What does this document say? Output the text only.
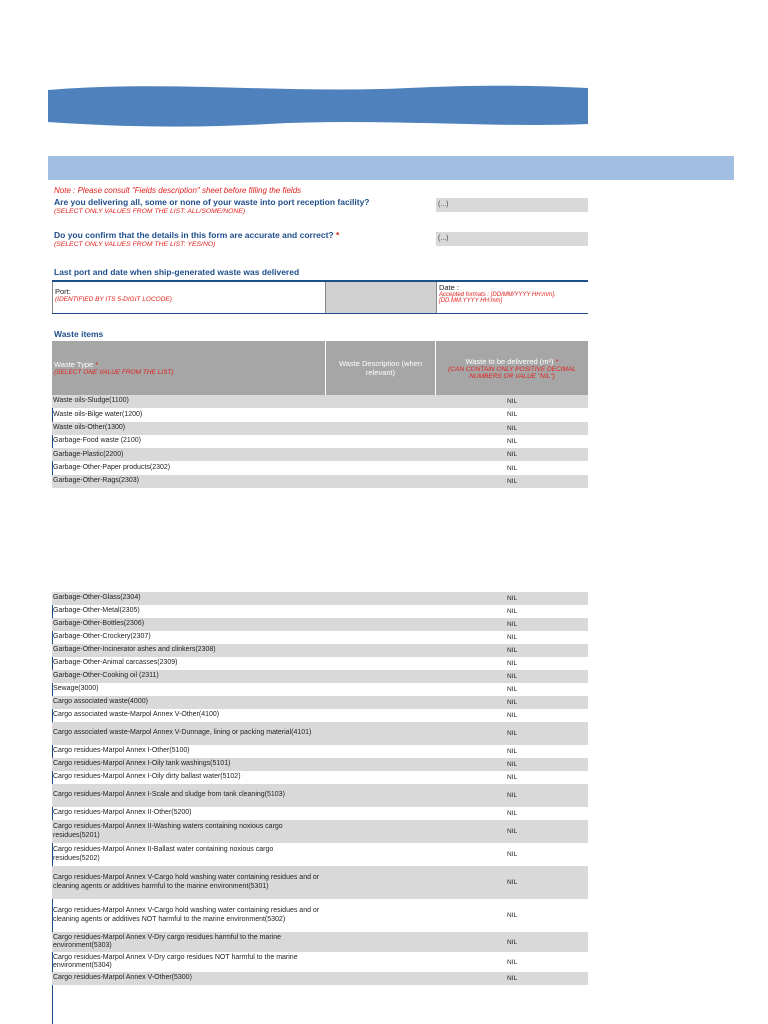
Note : Please consult "Fields description" sheet before filling the fields
Are you delivering all, some or none of your waste into port reception facility?
(SELECT ONLY VALUES FROM THE LIST: ALL/SOME/NONE)
(...)
Do you confirm that the details in this form are accurate and correct? *
(SELECT ONLY VALUES FROM THE LIST: YES/NO)
(...)
Last port and date when ship-generated waste was delivered
Port:
(IDENTIFIED BY ITS 5-DIGIT LOCODE)
Date :
Accepted formats : [DD/MM/YYYY HH:mm], [DD.MM.YYYY HH:mm]
Waste items
Waste Type *
(SELECT ONE VALUE FROM THE LIST)
Waste Description (when relevant)
Waste to be delivered (m³) *
(CAN CONTAIN ONLY POSITIVE DECIMAL NUMBERS OR VALUE "NIL")
Waste oils-Sludge(1100)	NIL
Waste oils-Bilge water(1200)	NIL
Waste oils-Other(1300)	NIL
Garbage-Food waste (2100)	NIL
Garbage-Plastic(2200)	NIL
Garbage-Other-Paper products(2302)	NIL
Garbage-Other-Rags(2303)	NIL
Garbage-Other-Glass(2304)	NIL
Garbage-Other-Metal(2305)	NIL
Garbage-Other-Bottles(2306)	NIL
Garbage-Other-Crockery(2307)	NIL
Garbage-Other-Incinerator ashes and clinkers(2308)	NIL
Garbage-Other-Animal carcasses(2309)	NIL
Garbage-Other-Cooking oil (2311)	NIL
Sewage(3000)	NIL
Cargo associated waste(4000)	NIL
Cargo associated waste-Marpol Annex V-Other(4100)	NIL
Cargo associated waste-Marpol Annex V-Dunnage, lining or packing material(4101)	NIL
Cargo residues-Marpol Annex I-Other(5100)	NIL
Cargo residues-Marpol Annex I-Oily tank washings(5101)	NIL
Cargo residues-Marpol Annex I-Oily dirty ballast water(5102)	NIL
Cargo residues-Marpol Annex I-Scale and sludge from tank cleaning(5103)	NIL
Cargo residues-Marpol Annex II-Other(5200)	NIL
Cargo residues-Marpol Annex II-Washing waters containing noxious cargo residues(5201)	NIL
Cargo residues-Marpol Annex II-Ballast water containing noxious cargo residues(5202)	NIL
Cargo residues-Marpol Annex V-Cargo hold washing water containing residues and or cleaning agents or additives harmful to the marine environment(5301)	NIL
Cargo residues-Marpol Annex V-Cargo hold washing water containing residues and or cleaning agents or additives NOT harmful to the marine environment(5302)	NIL
Cargo residues-Marpol Annex V-Dry cargo residues harmful to the marine environment(5303)	NIL
Cargo residues-Marpol Annex V-Dry cargo residues NOT harmful to the marine environment(5304)	NIL
Cargo residues-Marpol Annex V-Other(5300)	NIL
